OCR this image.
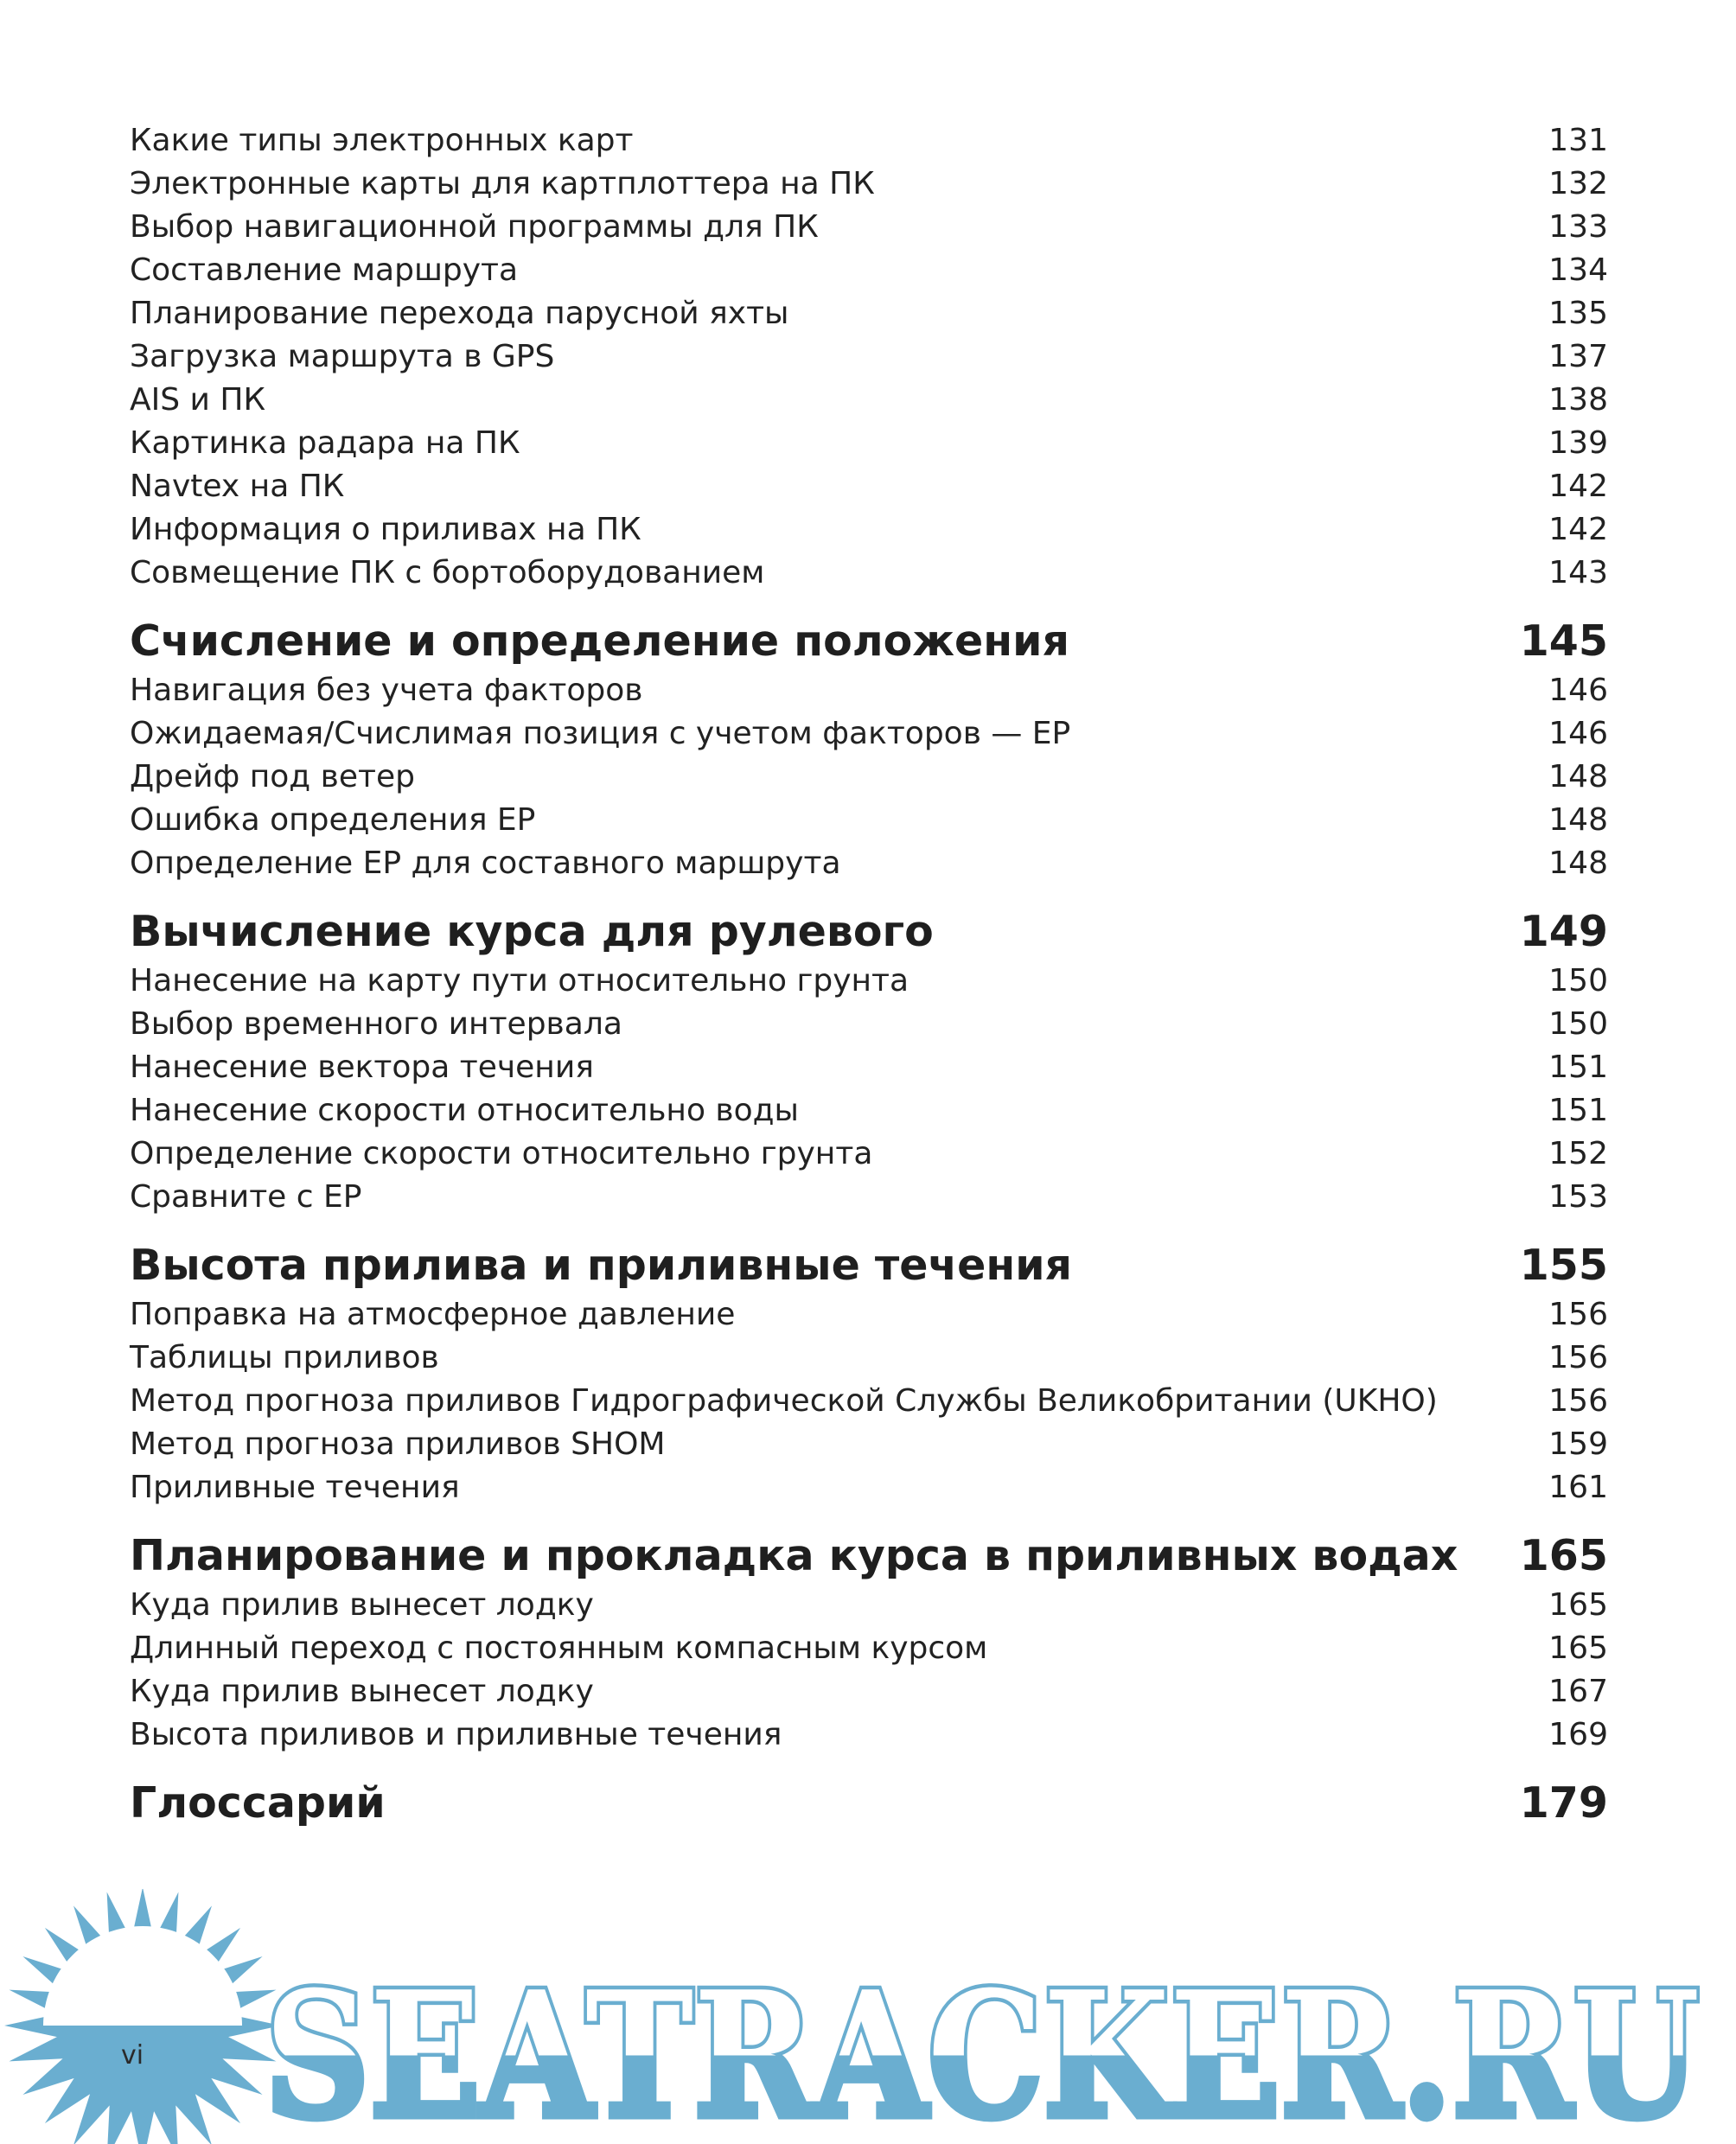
Какие типы электронных карт	131
Электронные карты для картплоттера на ПК	132
Выбор навигационной программы для ПК	133
Составление маршрута	134
Планирование перехода парусной яхты	135
Загрузка маршрута в GPS	137
AIS и ПК	138
Картинка радара на ПК	139
Navtex на ПК	142
Информация о приливах на ПК	142
Совмещение ПК с бортоборудованием	143
Счисление и определение положения	145
Навигация без учета факторов	146
Ожидаемая/Счислимая позиция с учетом факторов — EP	146
Дрейф под ветер	148
Ошибка определения EP	148
Определение EP для составного маршрута	148
Вычисление курса для рулевого	149
Нанесение на карту пути относительно грунта	150
Выбор временного интервала	150
Нанесение вектора течения	151
Нанесение скорости относительно воды	151
Определение скорости относительно грунта	152
Сравните с EP	153
Высота прилива и приливные течения	155
Поправка на атмосферное давление	156
Таблицы приливов	156
Метод прогноза приливов Гидрографической Службы Великобритании (UKHO)	156
Метод прогноза приливов SHOM	159
Приливные течения	161
Планирование и прокладка курса в приливных водах 165
Куда прилив вынесет лодку	165
Длинный переход с постоянным компасным курсом	165
Куда прилив вынесет лодку	167
Высота приливов и приливные течения	169
Глоссарий	179
SEATRACKER.RU
vi
